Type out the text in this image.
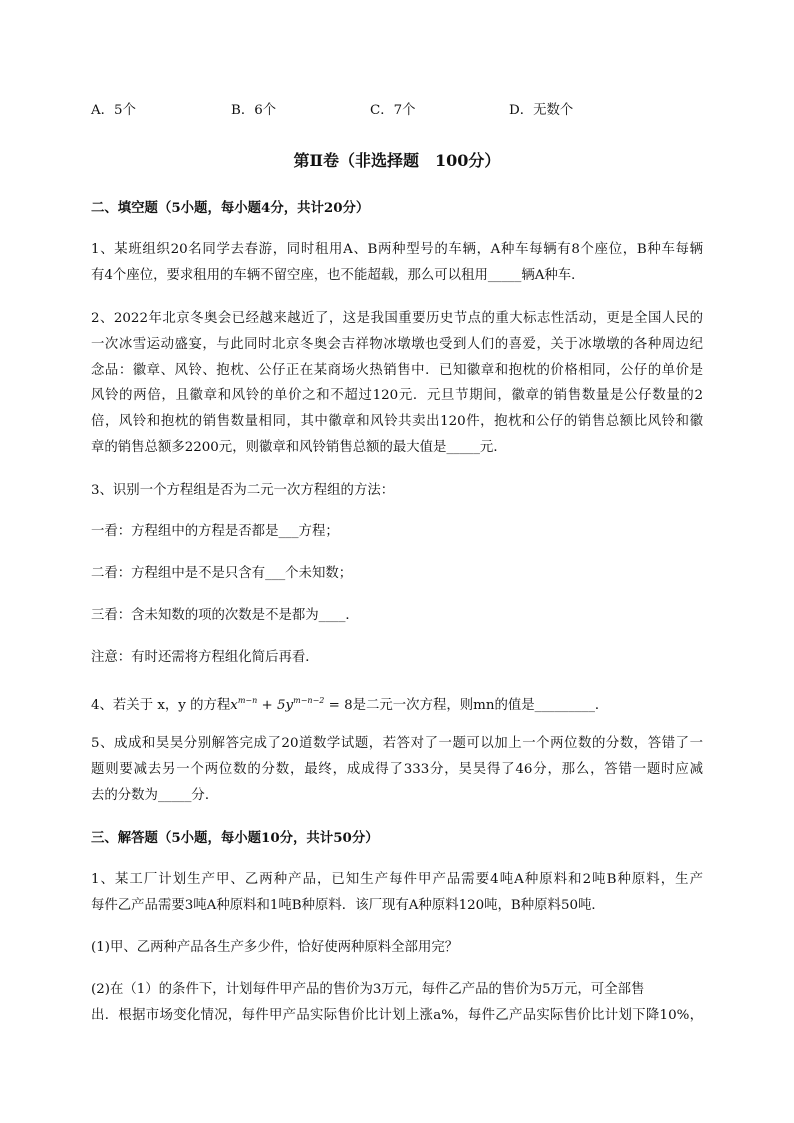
A．5个	B．6个	C．7个	D．无数个
第Ⅱ卷（非选择题　100分）
二、填空题（5小题，每小题4分，共计20分）
1、某班组织20名同学去春游，同时租用A、B两种型号的车辆，A种车每辆有8个座位，B种车每辆
有4个座位，要求租用的车辆不留空座，也不能超载，那么可以租用_____辆A种车．
2、2022年北京冬奥会已经越来越近了，这是我国重要历史节点的重大标志性活动，更是全国人民的
一次冰雪运动盛宴，与此同时北京冬奥会吉祥物冰墩墩也受到人们的喜爱，关于冰墩墩的各种周边纪
念品：徽章、风铃、抱枕、公仔正在某商场火热销售中．已知徽章和抱枕的价格相同，公仔的单价是
风铃的两倍，且徽章和风铃的单价之和不超过120元．元旦节期间，徽章的销售数量是公仔数量的2
倍，风铃和抱枕的销售数量相同，其中徽章和风铃共卖出120件，抱枕和公仔的销售总额比风铃和徽
章的销售总额多2200元，则徽章和风铃销售总额的最大值是_____元．
3、识别一个方程组是否为二元一次方程组的方法：
一看：方程组中的方程是否都是___方程；
二看：方程组中是不是只含有___个未知数；
三看：含未知数的项的次数是不是都为____．
注意：有时还需将方程组化简后再看．
4、若关于 x，y 的方程$x^{m-n} + 5y^{m-n-2} = 8$是二元一次方程，则mn的值是_________．
5、成成和昊昊分别解答完成了20道数学试题，若答对了一题可以加上一个两位数的分数，答错了一
题则要减去另一个两位数的分数，最终，成成得了333分，昊昊得了46分，那么，答错一题时应减
去的分数为_____分．
三、解答题（5小题，每小题10分，共计50分）
1、某工厂计划生产甲、乙两种产品，已知生产每件甲产品需要4吨A种原料和2吨B种原料，生产
每件乙产品需要3吨A种原料和1吨B种原料．该厂现有A种原料120吨，B种原料50吨．
(1)甲、乙两种产品各生产多少件，恰好使两种原料全部用完？
(2)在（1）的条件下，计划每件甲产品的售价为3万元，每件乙产品的售价为5万元，可全部售
出．根据市场变化情况，每件甲产品实际售价比计划上涨a%，每件乙产品实际售价比计划下降10%，
